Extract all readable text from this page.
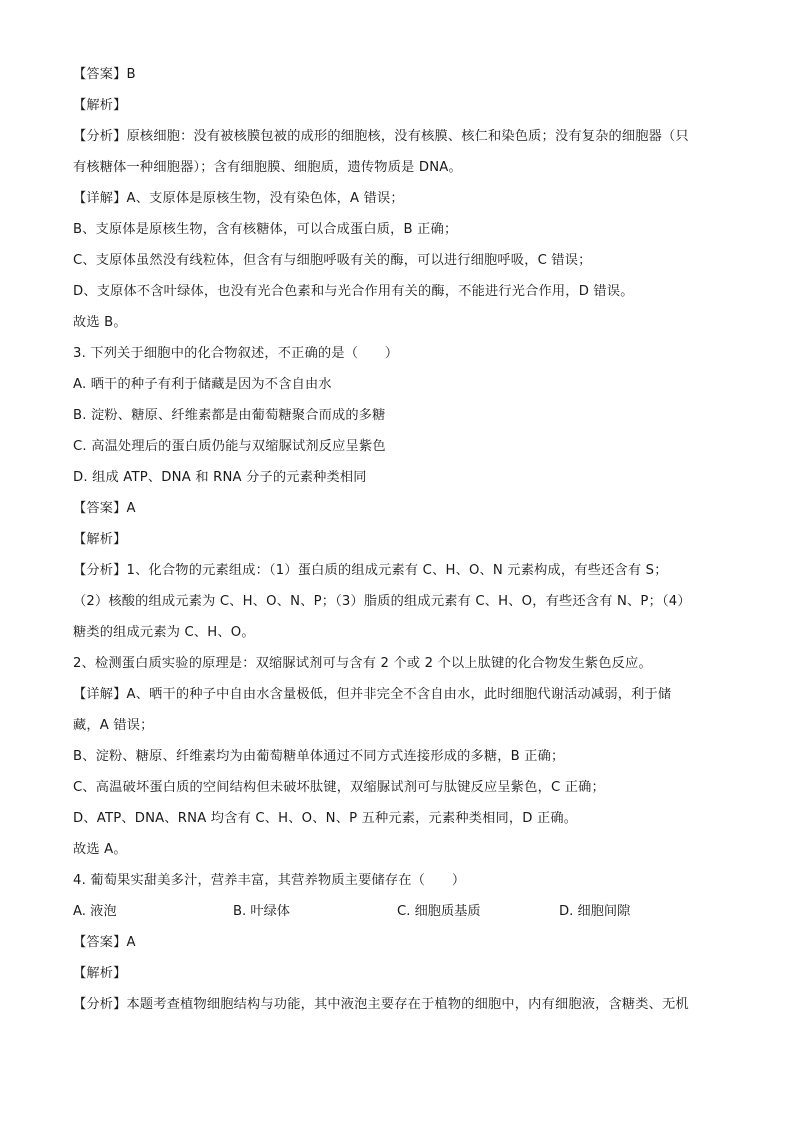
【答案】B
【解析】
【分析】原核细胞：没有被核膜包被的成形的细胞核，没有核膜、核仁和染色质；没有复杂的细胞器（只
有核糖体一种细胞器）；含有细胞膜、细胞质，遗传物质是 DNA。
【详解】A、支原体是原核生物，没有染色体，A 错误；
B、支原体是原核生物，含有核糖体，可以合成蛋白质，B 正确；
C、支原体虽然没有线粒体，但含有与细胞呼吸有关的酶，可以进行细胞呼吸，C 错误；
D、支原体不含叶绿体，也没有光合色素和与光合作用有关的酶，不能进行光合作用，D 错误。
故选 B。
3. 下列关于细胞中的化合物叙述，不正确的是（　　）
A. 晒干的种子有利于储藏是因为不含自由水
B. 淀粉、糖原、纤维素都是由葡萄糖聚合而成的多糖
C. 高温处理后的蛋白质仍能与双缩脲试剂反应呈紫色
D. 组成 ATP、DNA 和 RNA 分子的元素种类相同
【答案】A
【解析】
【分析】1、化合物的元素组成：（1）蛋白质的组成元素有 C、H、O、N 元素构成，有些还含有 S；
（2）核酸的组成元素为 C、H、O、N、P；（3）脂质的组成元素有 C、H、O，有些还含有 N、P；（4）
糖类的组成元素为 C、H、O。
2、检测蛋白质实验的原理是：双缩脲试剂可与含有 2 个或 2 个以上肽键的化合物发生紫色反应。
【详解】A、晒干的种子中自由水含量极低，但并非完全不含自由水，此时细胞代谢活动减弱，利于储
藏，A 错误；
B、淀粉、糖原、纤维素均为由葡萄糖单体通过不同方式连接形成的多糖，B 正确；
C、高温破坏蛋白质的空间结构但未破坏肽键，双缩脲试剂可与肽键反应呈紫色，C 正确；
D、ATP、DNA、RNA 均含有 C、H、O、N、P 五种元素，元素种类相同，D 正确。
故选 A。
4. 葡萄果实甜美多汁，营养丰富，其营养物质主要储存在（　　）
A. 液泡	B. 叶绿体	C. 细胞质基质	D. 细胞间隙
【答案】A
【解析】
【分析】本题考查植物细胞结构与功能，其中液泡主要存在于植物的细胞中，内有细胞液，含糖类、无机
